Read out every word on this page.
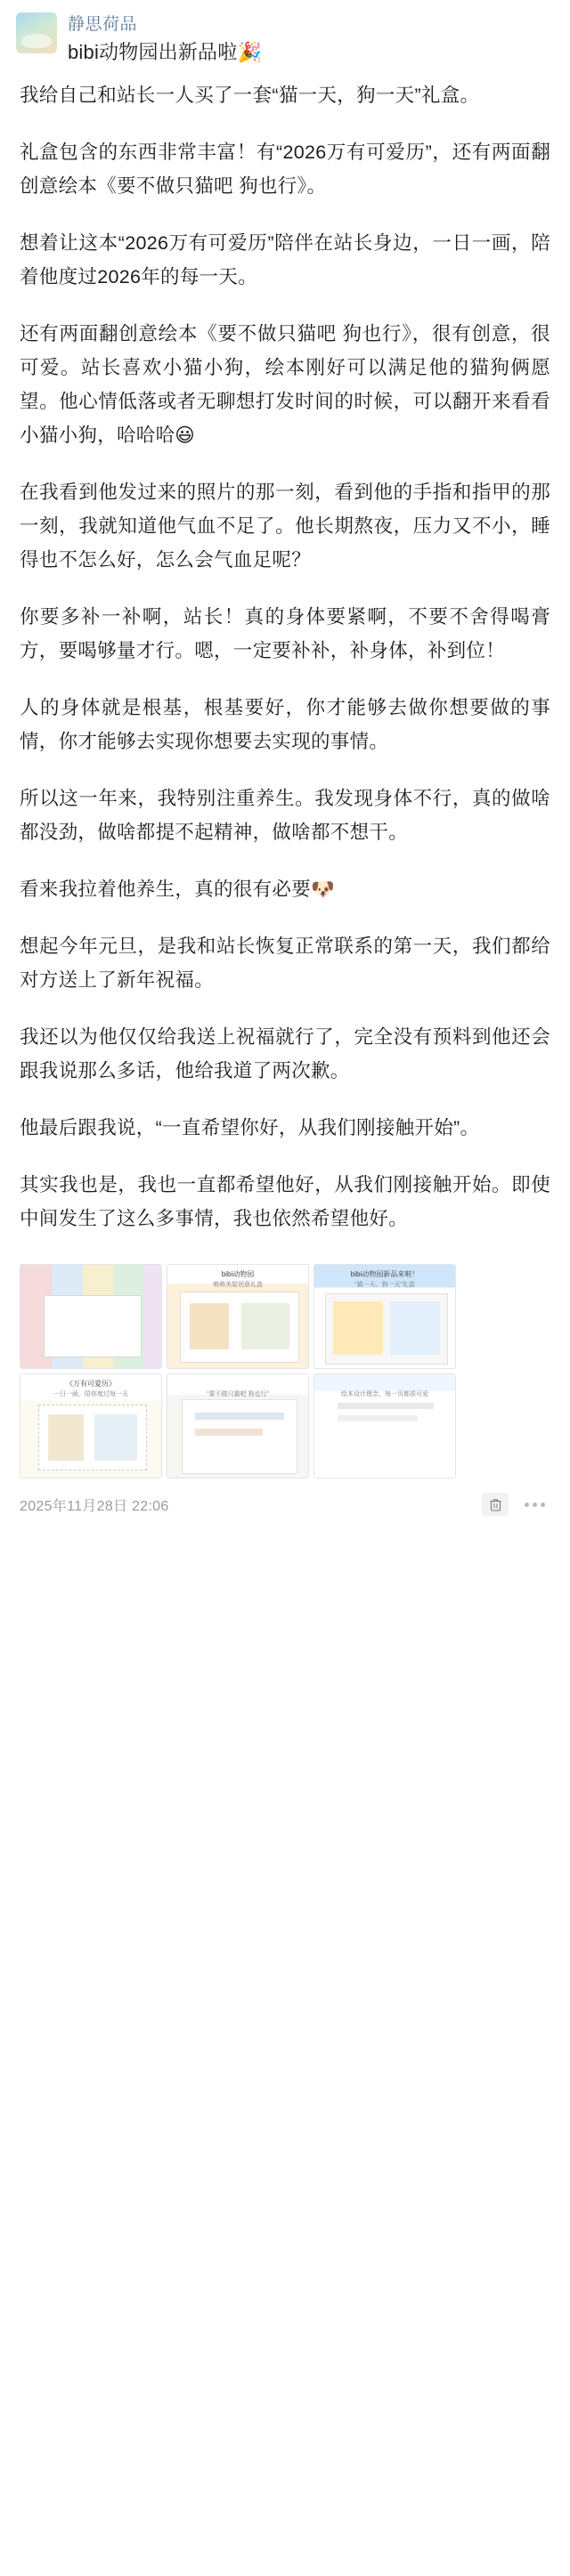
静思荷品
bibi动物园出新品啦🎉

我给自己和站长一人买了一套“猫一天，狗一天”礼盒。

礼盒包含的东西非常丰富！有“2026万有可爱历”，还有两面翻创意绘本《要不做只猫吧 狗也行》。

想着让这本“2026万有可爱历”陪伴在站长身边，一日一画，陪着他度过2026年的每一天。

还有两面翻创意绘本《要不做只猫吧 狗也行》，很有创意，很可爱。站长喜欢小猫小狗，绘本刚好可以满足他的猫狗俩愿望。他心情低落或者无聊想打发时间的时候，可以翻开来看看小猫小狗，哈哈哈😃

在我看到他发过来的照片的那一刻，看到他的手指和指甲的那一刻，我就知道他气血不足了。他长期熬夜，压力又不小，睡得也不怎么好，怎么会气血足呢？

你要多补一补啊，站长！真的身体要紧啊，不要不舍得喝膏方，要喝够量才行。嗯，一定要补补，补身体，补到位！

人的身体就是根基，根基要好，你才能够去做你想要做的事情，你才能够去实现你想要去实现的事情。

所以这一年来，我特别注重养生。我发现身体不行，真的做啥都没劲，做啥都提不起精神，做啥都不想干。

看来我拉着他养生，真的很有必要🐶

想起今年元旦，是我和站长恢复正常联系的第一天，我们都给对方送上了新年祝福。

我还以为他仅仅给我送上祝福就行了，完全没有预料到他还会跟我说那么多话，他给我道了两次歉。

他最后跟我说，“一直希望你好，从我们刚接触开始”。

其实我也是，我也一直都希望他好，从我们刚接触开始。即使中间发生了这么多事情，我也依然希望他好。

bibi动物园
萌萌美屋创意礼盒
bibi动物园新品来啦！
“猫一天、狗一天”礼盒
《万有可爱历》
一日一画，陪你度过每一天	“要不做只猫吧 狗也行”	绘本设计理念，每一页都很可爱
2025年11月28日 22:06
